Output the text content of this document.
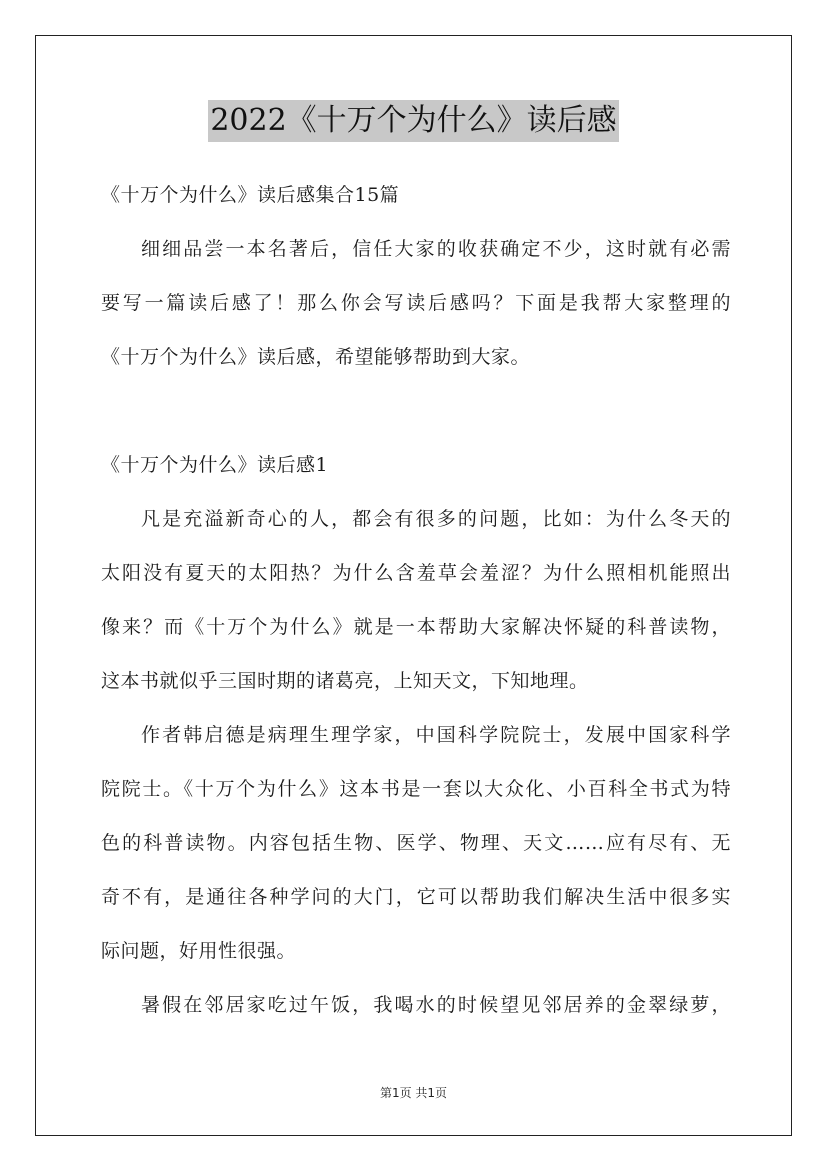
2022《十万个为什么》读后感

《十万个为什么》读后感集合15篇

细细品尝一本名著后，信任大家的收获确定不少，这时就有必需

要写一篇读后感了！那么你会写读后感吗？下面是我帮大家整理的

《十万个为什么》读后感，希望能够帮助到大家。

《十万个为什么》读后感1

凡是充溢新奇心的人，都会有很多的问题，比如：为什么冬天的

太阳没有夏天的太阳热？为什么含羞草会羞涩？为什么照相机能照出

像来？而《十万个为什么》就是一本帮助大家解决怀疑的科普读物，

这本书就似乎三国时期的诸葛亮，上知天文，下知地理。

作者韩启德是病理生理学家，中国科学院院士，发展中国家科学

院院士。《十万个为什么》这本书是一套以大众化、小百科全书式为特

色的科普读物。内容包括生物、医学、物理、天文……应有尽有、无

奇不有，是通往各种学问的大门，它可以帮助我们解决生活中很多实

际问题，好用性很强。

暑假在邻居家吃过午饭，我喝水的时候望见邻居养的金翠绿萝，

第1页 共1页
